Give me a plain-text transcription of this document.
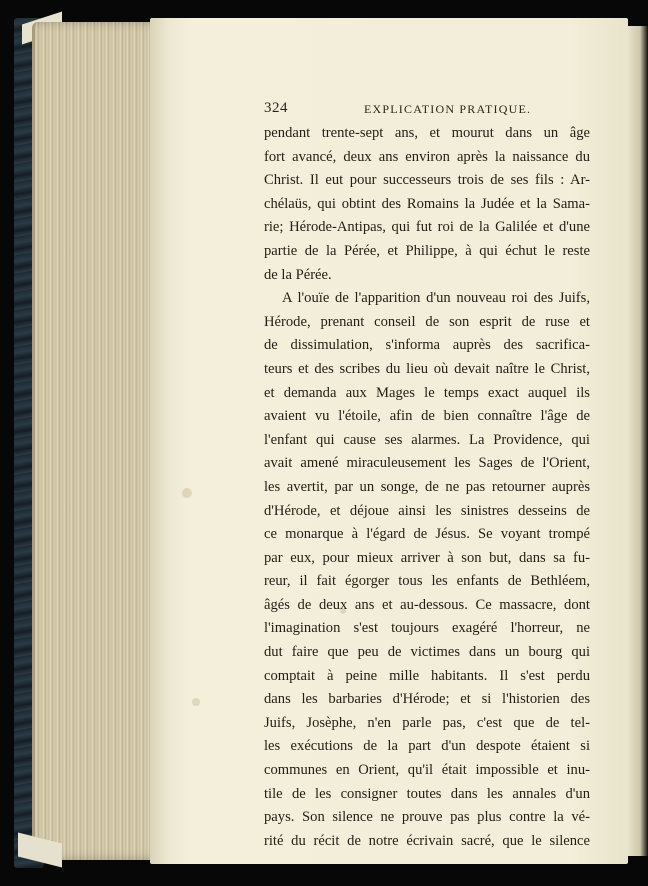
324	EXPLICATION PRATIQUE.
pendant trente-sept ans, et mourut dans un âge
fort avancé, deux ans environ après la naissance du
Christ. Il eut pour successeurs trois de ses fils : Ar-
chélaüs, qui obtint des Romains la Judée et la Sama-
rie; Hérode-Antipas, qui fut roi de la Galilée et d'une
partie de la Pérée, et Philippe, à qui échut le reste
de la Pérée.
A l'ouïe de l'apparition d'un nouveau roi des Juifs,
Hérode, prenant conseil de son esprit de ruse et
de dissimulation, s'informa auprès des sacrifica-
teurs et des scribes du lieu où devait naître le Christ,
et demanda aux Mages le temps exact auquel ils
avaient vu l'étoile, afin de bien connaître l'âge de
l'enfant qui cause ses alarmes. La Providence, qui
avait amené miraculeusement les Sages de l'Orient,
les avertit, par un songe, de ne pas retourner auprès
d'Hérode, et déjoue ainsi les sinistres desseins de
ce monarque à l'égard de Jésus. Se voyant trompé
par eux, pour mieux arriver à son but, dans sa fu-
reur, il fait égorger tous les enfants de Bethléem,
âgés de deux ans et au-dessous. Ce massacre, dont
l'imagination s'est toujours exagéré l'horreur, ne
dut faire que peu de victimes dans un bourg qui
comptait à peine mille habitants. Il s'est perdu
dans les barbaries d'Hérode; et si l'historien des
Juifs, Josèphe, n'en parle pas, c'est que de tel-
les exécutions de la part d'un despote étaient si
communes en Orient, qu'il était impossible et inu-
tile de les consigner toutes dans les annales d'un
pays. Son silence ne prouve pas plus contre la vé-
rité du récit de notre écrivain sacré, que le silence
